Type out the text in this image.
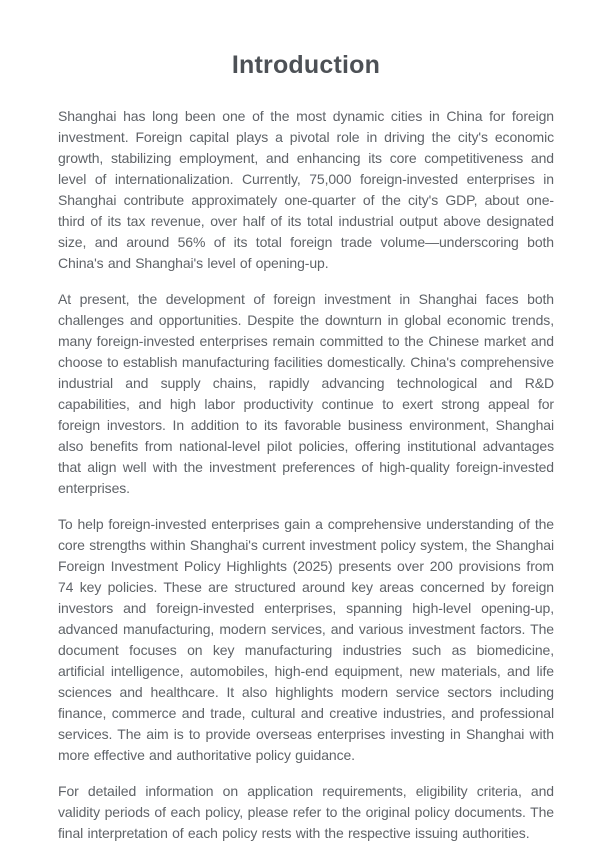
Introduction

Shanghai has long been one of the most dynamic cities in China for foreign investment. Foreign capital plays a pivotal role in driving the city's economic growth, stabilizing employment, and enhancing its core competitiveness and level of internationalization. Currently, 75,000 foreign-invested enterprises in Shanghai contribute approximately one-quarter of the city's GDP, about one-third of its tax revenue, over half of its total industrial output above designated size, and around 56% of its total foreign trade volume—underscoring both China's and Shanghai's level of opening-up.

At present, the development of foreign investment in Shanghai faces both challenges and opportunities. Despite the downturn in global economic trends, many foreign-invested enterprises remain committed to the Chinese market and choose to establish manufacturing facilities domestically. China's comprehensive industrial and supply chains, rapidly advancing technological and R&D capabilities, and high labor productivity continue to exert strong appeal for foreign investors. In addition to its favorable business environment, Shanghai also benefits from national-level pilot policies, offering institutional advantages that align well with the investment preferences of high-quality foreign-invested enterprises.

To help foreign-invested enterprises gain a comprehensive understanding of the core strengths within Shanghai's current investment policy system, the Shanghai Foreign Investment Policy Highlights (2025) presents over 200 provisions from 74 key policies. These are structured around key areas concerned by foreign investors and foreign-invested enterprises, spanning high-level opening-up, advanced manufacturing, modern services, and various investment factors. The document focuses on key manufacturing industries such as biomedicine, artificial intelligence, automobiles, high-end equipment, new materials, and life sciences and healthcare. It also highlights modern service sectors including finance, commerce and trade, cultural and creative industries, and professional services. The aim is to provide overseas enterprises investing in Shanghai with more effective and authoritative policy guidance.

For detailed information on application requirements, eligibility criteria, and validity periods of each policy, please refer to the original policy documents. The final interpretation of each policy rests with the respective issuing authorities.
